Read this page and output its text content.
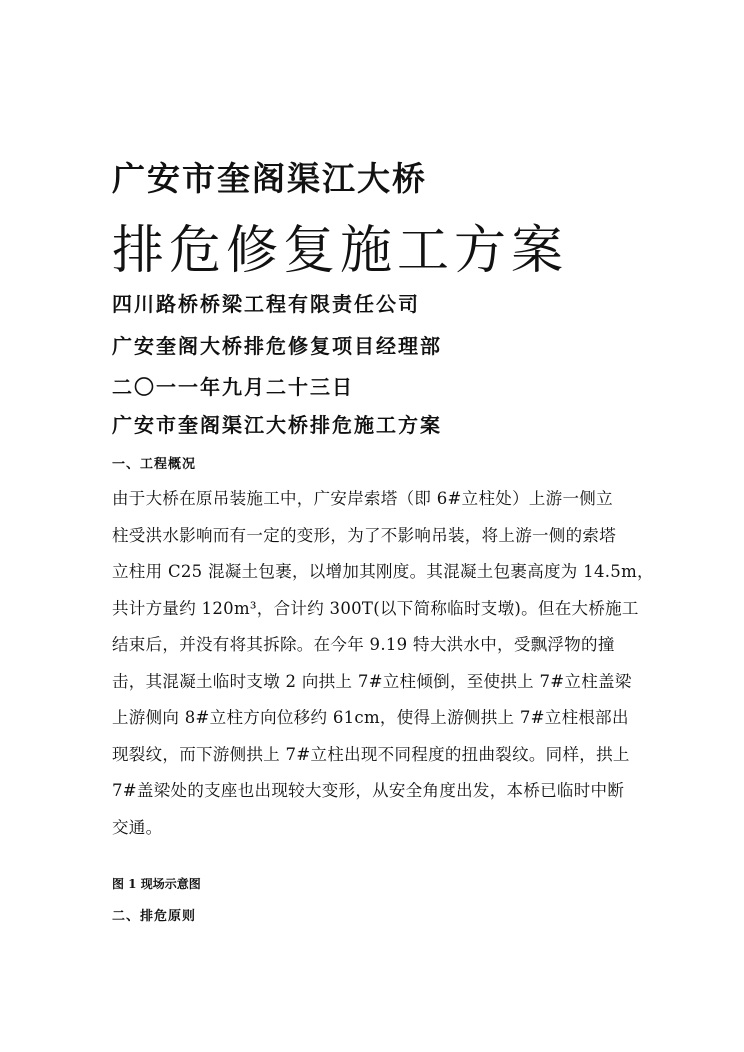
广安市奎阁渠江大桥
排危修复施工方案
四川路桥桥梁工程有限责任公司
广安奎阁大桥排危修复项目经理部
二〇一一年九月二十三日
广安市奎阁渠江大桥排危施工方案
一、工程概况
由于大桥在原吊装施工中，广安岸索塔（即 6#立柱处）上游一侧立
柱受洪水影响而有一定的变形，为了不影响吊装，将上游一侧的索塔
立柱用 C25 混凝土包裹，以增加其刚度。其混凝土包裹高度为 14.5m，
共计方量约 120m³，合计约 300T(以下简称临时支墩)。但在大桥施工
结束后，并没有将其拆除。在今年 9.19 特大洪水中，受飘浮物的撞
击，其混凝土临时支墩 2 向拱上 7#立柱倾倒，至使拱上 7#立柱盖梁
上游侧向 8#立柱方向位移约 61cm，使得上游侧拱上 7#立柱根部出
现裂纹，而下游侧拱上 7#立柱出现不同程度的扭曲裂纹。同样，拱上
7#盖梁处的支座也出现较大变形，从安全角度出发，本桥已临时中断
交通。
图 1 现场示意图
二、排危原则
